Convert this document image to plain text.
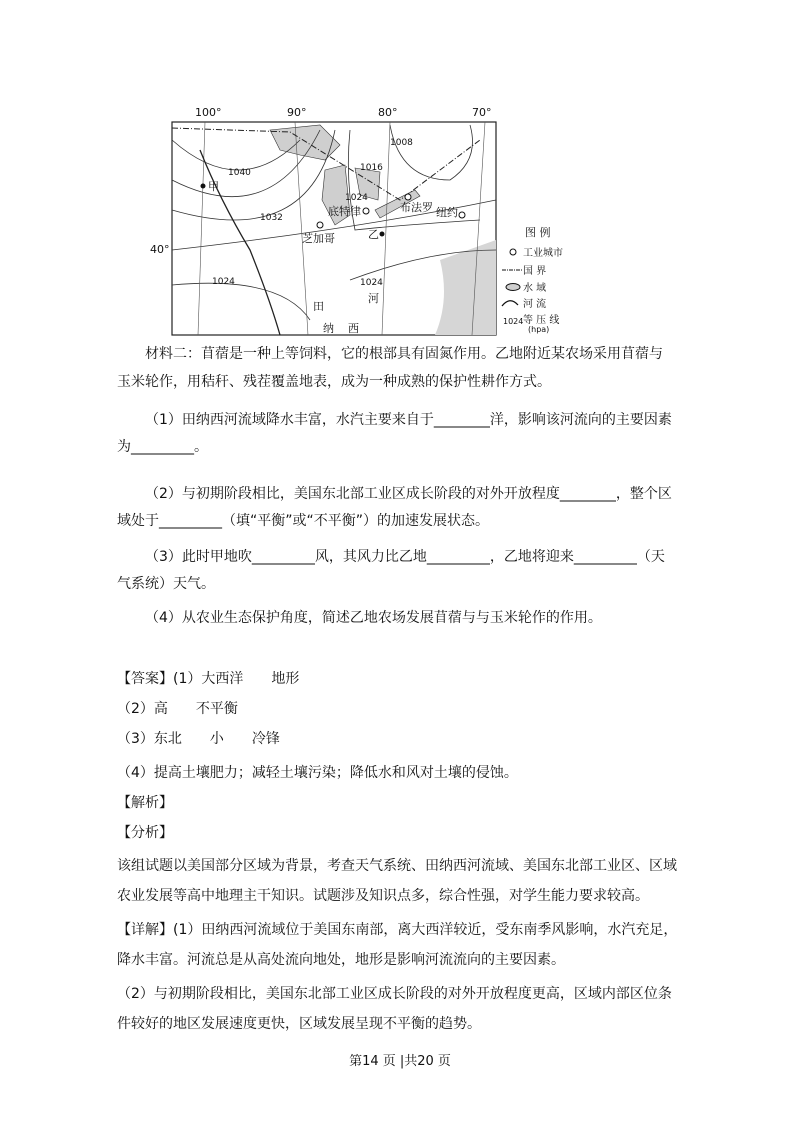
100°	90°	80°	70°
40°
1040
1032
1024
1016
1008
1024
1024
甲
乙
芝加哥
底特律	布法罗 纽约
田
河
纳 西
图 例
工业城市
国 界
水 域
河 流
1024 等 压 线
(hpa)
材料二：苜蓿是一种上等饲料，它的根部具有固氮作用。乙地附近某农场采用苜蓿与
玉米轮作，用秸秆、残茬覆盖地表，成为一种成熟的保护性耕作方式。
（1）田纳西河流域降水丰富，水汽主要来自于________洋，影响该河流向的主要因素
为_________。
（2）与初期阶段相比，美国东北部工业区成长阶段的对外开放程度________，整个区
域处于_________（填“平衡”或“不平衡”）的加速发展状态。
（3）此时甲地吹_________风，其风力比乙地_________，乙地将迎来_________（天
气系统）天气。
（4）从农业生态保护角度，简述乙地农场发展苜蓿与与玉米轮作的作用。
【答案】(1）大西洋　　地形
（2）高　　不平衡
（3）东北　　小　　冷锋
（4）提高土壤肥力；减轻土壤污染；降低水和风对土壤的侵蚀。
【解析】
【分析】
该组试题以美国部分区域为背景，考查天气系统、田纳西河流域、美国东北部工业区、区域
农业发展等高中地理主干知识。试题涉及知识点多，综合性强，对学生能力要求较高。
【详解】(1）田纳西河流域位于美国东南部，离大西洋较近，受东南季风影响，水汽充足，
降水丰富。河流总是从高处流向地处，地形是影响河流流向的主要因素。
（2）与初期阶段相比，美国东北部工业区成长阶段的对外开放程度更高，区域内部区位条
件较好的地区发展速度更快，区域发展呈现不平衡的趋势。
第14 页 |共20 页
